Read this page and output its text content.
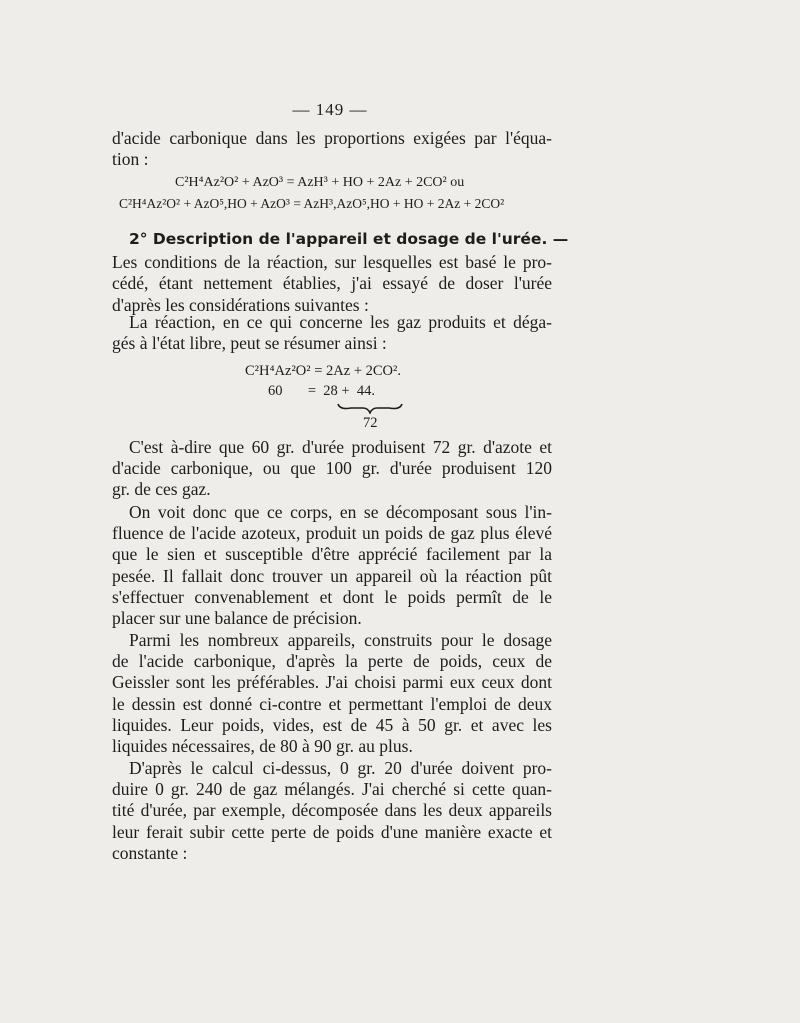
— 149 —
d'acide carbonique dans les proportions exigées par l'équa-
tion :
C²H⁴Az²O² + AzO³ = AzH³ + HO + 2Az + 2CO² ou
C²H⁴Az²O² + AzO⁵,HO + AzO³ = AzH³,AzO⁵,HO + HO + 2Az + 2CO²
2° Description de l'appareil et dosage de l'urée. —
Les conditions de la réaction, sur lesquelles est basé le pro-
cédé, étant nettement établies, j'ai essayé de doser l'urée
d'après les considérations suivantes :
La réaction, en ce qui concerne les gaz produits et dégа-
gés à l'état libre, peut se résumer ainsi :
C²H⁴Az²O² = 2Az + 2CO².
60       =  28 +  44.
72
C'est à-dire que 60 gr. d'urée produisent 72 gr. d'azote et
d'acide carbonique, ou que 100 gr. d'urée produisent 120
gr. de ces gaz.
On voit donc que ce corps, en se décomposant sous l'in-
fluence de l'acide azoteux, produit un poids de gaz plus élevé
que le sien et susceptible d'être apprécié facilement par la
pesée. Il fallait donc trouver un appareil où la réaction pût
s'effectuer convenablement et dont le poids permît de le
placer sur une balance de précision.
Parmi les nombreux appareils, construits pour le dosage
de l'acide carbonique, d'après la perte de poids, ceux de
Geissler sont les préférables. J'ai choisi parmi eux ceux dont
le dessin est donné ci-contre et permettant l'emploi de deux
liquides. Leur poids, vides, est de 45 à 50 gr. et avec les
liquides nécessaires, de 80 à 90 gr. au plus.
D'après le calcul ci-dessus, 0 gr. 20 d'urée doivent pro-
duire 0 gr. 240 de gaz mélangés. J'ai cherché si cette quan-
tité d'urée, par exemple, décomposée dans les deux appareils
leur ferait subir cette perte de poids d'une manière exacte et
constante :
